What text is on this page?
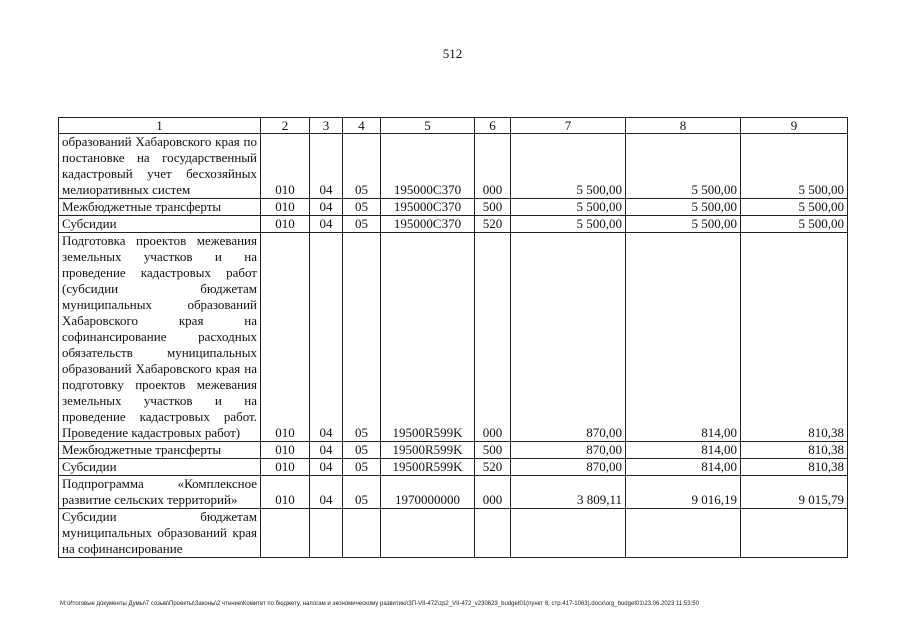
512
1	2	3	4	5	6	7	8	9
образований Хабаровского края по постановке на государственный кадастровый учет бесхозяйных мелиоративных систем	010	04	05	195000С370	000	5 500,00	5 500,00	5 500,00
Межбюджетные трансферты	010	04	05	195000С370	500	5 500,00	5 500,00	5 500,00
Субсидии	010	04	05	195000С370	520	5 500,00	5 500,00	5 500,00
Подготовка проектов межевания земельных участков и на проведение кадастровых работ (субсидии бюджетам муниципальных образований Хабаровского края на софинансирование расходных обязательств муниципальных образований Хабаровского края на подготовку проектов межевания земельных участков и на проведение кадастровых работ. Проведение кадастровых работ)	010	04	05	19500R599K	000	870,00	814,00	810,38
Межбюджетные трансферты	010	04	05	19500R599K	500	870,00	814,00	810,38
Субсидии	010	04	05	19500R599K	520	870,00	814,00	810,38
Подпрограмма «Комплексное развитие сельских территорий»	010	04	05	1970000000	000	3 809,11	9 016,19	9 015,79
Субсидии бюджетам муниципальных образований края на софинансирование								
M:\Итоговые документы Думы\7 созыв\Проекты\Законы\2 чтение\Комитет по бюджету, налогам и экономическому развитию\ЗП-VII-472\zp2_VII-472_v230623_budget01(пункт 8, стр.417-1063).docx\org_budget01\23.06.2023 11:53:50
